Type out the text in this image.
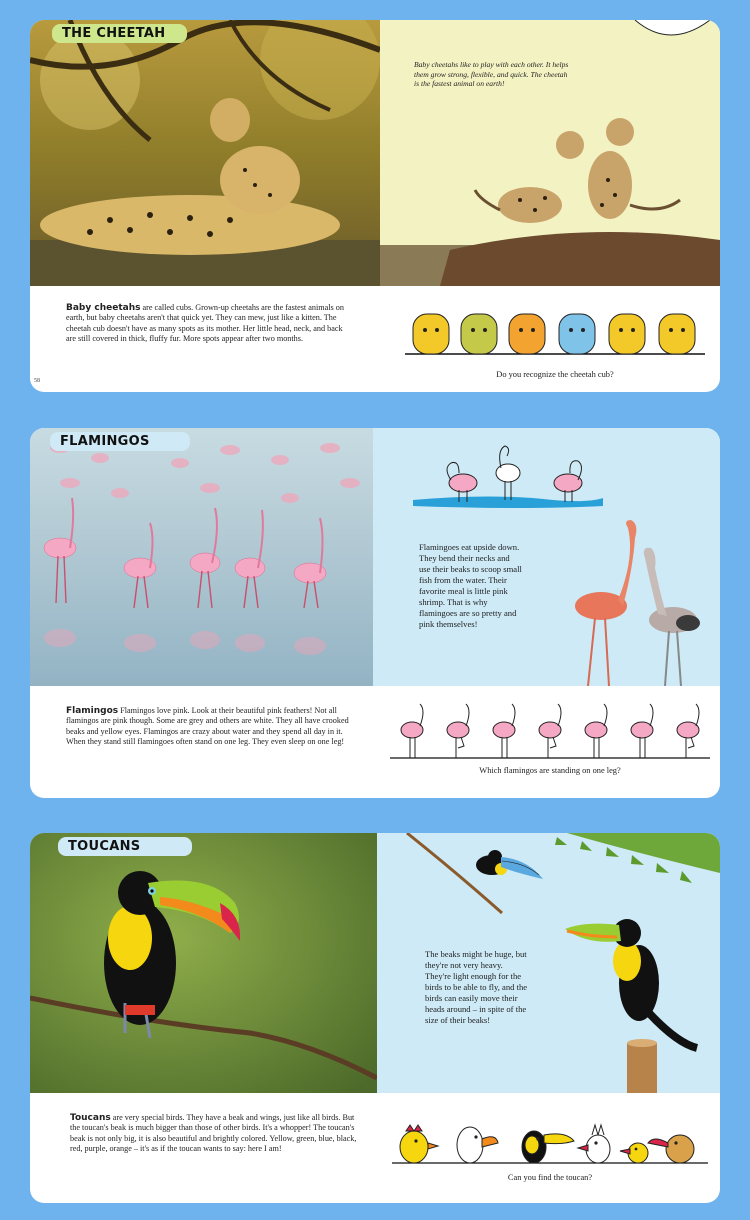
THE CHEETAH
Baby cheetahs like to play with each other. It helps them grow strong, flexible, and quick. The cheetah is the fastest animal on earth!
Baby cheetahs are called cubs. Grown-up cheetahs are the fastest animals on earth, but baby cheetahs aren't that quick yet. They can mew, just like a kitten. The cheetah cub doesn't have as many spots as its mother. Her little head, neck, and back are still covered in thick, fluffy fur. More spots appear after two months.
Do you recognize the cheetah cub?
58
FLAMINGOS
Flamingoes eat upside down. They bend their necks and use their beaks to scoop small fish from the water. Their favorite meal is little pink shrimp. That is why flamingoes are so pretty and pink themselves!
Flamingos Flamingos love pink. Look at their beautiful pink feathers! Not all flamingos are pink though. Some are grey and others are white. They all have crooked beaks and yellow eyes. Flamingos are crazy about water and they spend all day in it. When they stand still flamingoes often stand on one leg. They even sleep on one leg!
Which flamingos are standing on one leg?
TOUCANS
The beaks might be huge, but they're not very heavy. They're light enough for the birds to be able to fly, and the birds can easily move their heads around – in spite of the size of their beaks!
Toucans are very special birds. They have a beak and wings, just like all birds. But the toucan's beak is much bigger than those of other birds. It's a whopper! The toucan's beak is not only big, it is also beautiful and brightly colored. Yellow, green, blue, black, red, purple, orange – it's as if the toucan wants to say: here I am!
Can you find the toucan?
